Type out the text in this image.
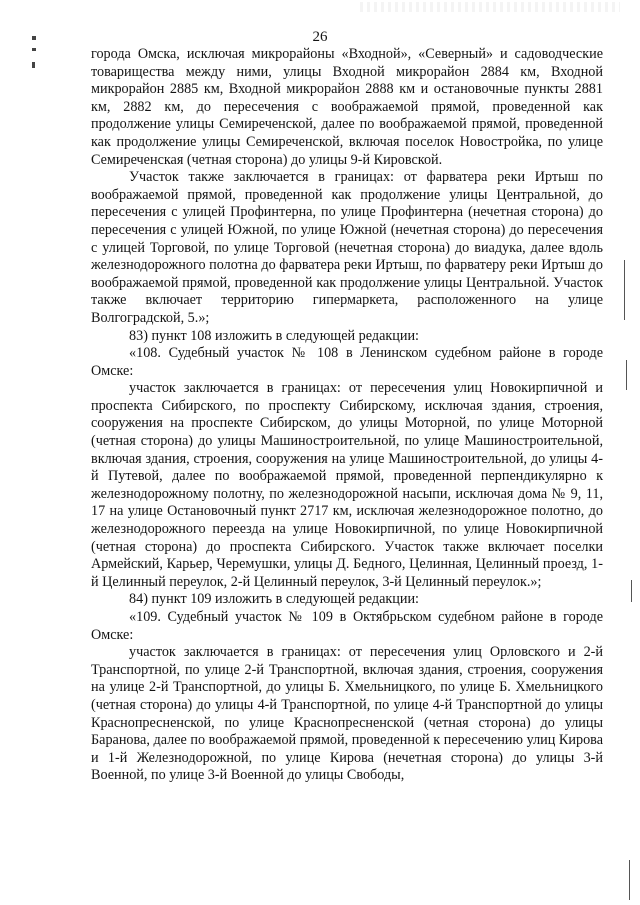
26

города Омска, исключая микрорайоны «Входной», «Северный» и садоводческие товарищества между ними, улицы Входной микрорайон 2884 км, Входной микрорайон 2885 км, Входной микрорайон 2888 км и остановочные пункты 2881 км, 2882 км, до пересечения с воображаемой прямой, проведенной как продолжение улицы Семиреченской, далее по воображаемой прямой, проведенной как продолжение улицы Семиреченской, включая поселок Новостройка, по улице Семиреченская (четная сторона) до улицы 9-й Кировской.

Участок также заключается в границах: от фарватера реки Иртыш по воображаемой прямой, проведенной как продолжение улицы Центральной, до пересечения с улицей Профинтерна, по улице Профинтерна (нечетная сторона) до пересечения с улицей Южной, по улице Южной (нечетная сторона) до пересечения с улицей Торговой, по улице Торговой (нечетная сторона) до виадука, далее вдоль железнодорожного полотна до фарватера реки Иртыш, по фарватеру реки Иртыш до воображаемой прямой, проведенной как продолжение улицы Центральной. Участок также включает территорию гипермаркета, расположенного на улице Волгоградской, 5.»;

83) пункт 108 изложить в следующей редакции:

«108. Судебный участок № 108 в Ленинском судебном районе в городе Омске:

участок заключается в границах: от пересечения улиц Новокирпичной и проспекта Сибирского, по проспекту Сибирскому, исключая здания, строения, сооружения на проспекте Сибирском, до улицы Моторной, по улице Моторной (четная сторона) до улицы Машиностроительной, по улице Машиностроительной, включая здания, строения, сооружения на улице Машиностроительной, до улицы 4-й Путевой, далее по воображаемой прямой, проведенной перпендикулярно к железнодорожному полотну, по железнодорожной насыпи, исключая дома № 9, 11, 17 на улице Остановочный пункт 2717 км, исключая железнодорожное полотно, до железнодорожного переезда на улице Новокирпичной, по улице Новокирпичной (четная сторона) до проспекта Сибирского. Участок также включает поселки Армейский, Карьер, Черемушки, улицы Д. Бедного, Целинная, Целинный проезд, 1-й Целинный переулок, 2-й Целинный переулок, 3-й Целинный переулок.»;

84) пункт 109 изложить в следующей редакции:

«109. Судебный участок № 109 в Октябрьском судебном районе в городе Омске:

участок заключается в границах: от пересечения улиц Орловского и 2-й Транспортной, по улице 2-й Транспортной, включая здания, строения, сооружения на улице 2-й Транспортной, до улицы Б. Хмельницкого, по улице Б. Хмельницкого (четная сторона) до улицы 4-й Транспортной, по улице 4-й Транспортной до улицы Краснопресненской, по улице Краснопресненской (четная сторона) до улицы Баранова, далее по воображаемой прямой, проведенной к пересечению улиц Кирова и 1-й Железнодорожной, по улице Кирова (нечетная сторона) до улицы 3-й Военной, по улице 3-й Военной до улицы Свободы,
